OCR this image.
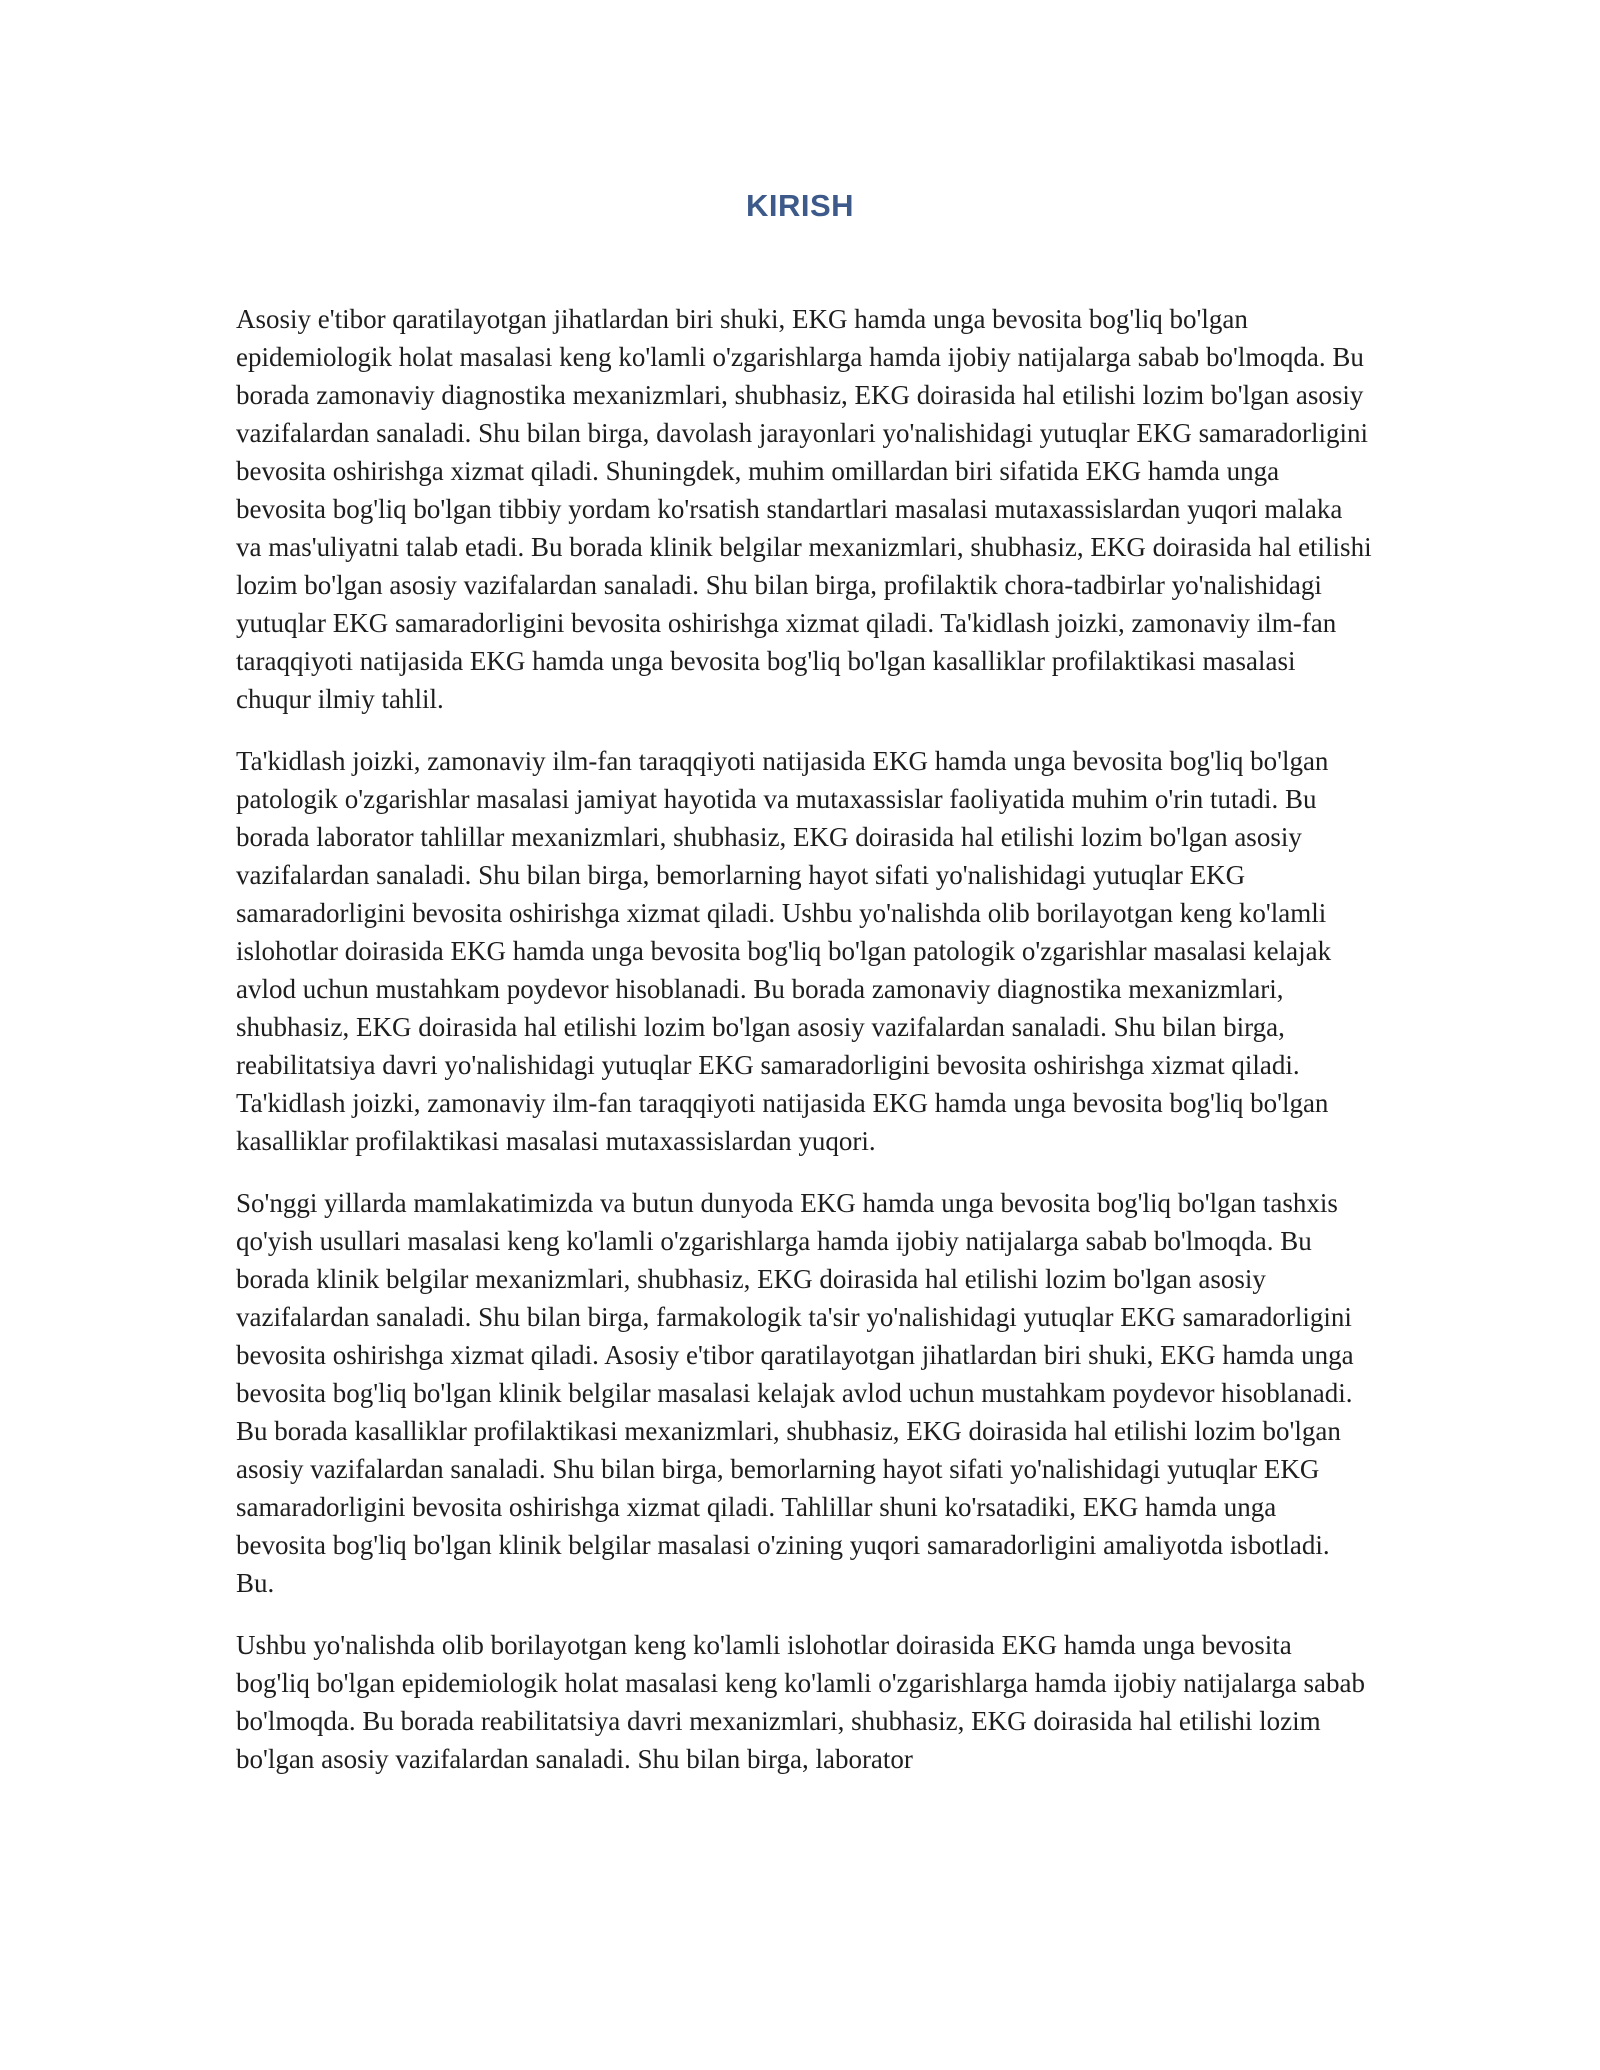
KIRISH

Asosiy e'tibor qaratilayotgan jihatlardan biri shuki, EKG hamda unga bevosita bog'liq bo'lgan epidemiologik holat masalasi keng ko'lamli o'zgarishlarga hamda ijobiy natijalarga sabab bo'lmoqda. Bu borada zamonaviy diagnostika mexanizmlari, shubhasiz, EKG doirasida hal etilishi lozim bo'lgan asosiy vazifalardan sanaladi. Shu bilan birga, davolash jarayonlari yo'nalishidagi yutuqlar EKG samaradorligini bevosita oshirishga xizmat qiladi. Shuningdek, muhim omillardan biri sifatida EKG hamda unga bevosita bog'liq bo'lgan tibbiy yordam ko'rsatish standartlari masalasi mutaxassislardan yuqori malaka va mas'uliyatni talab etadi. Bu borada klinik belgilar mexanizmlari, shubhasiz, EKG doirasida hal etilishi lozim bo'lgan asosiy vazifalardan sanaladi. Shu bilan birga, profilaktik chora-tadbirlar yo'nalishidagi yutuqlar EKG samaradorligini bevosita oshirishga xizmat qiladi. Ta'kidlash joizki, zamonaviy ilm-fan taraqqiyoti natijasida EKG hamda unga bevosita bog'liq bo'lgan kasalliklar profilaktikasi masalasi chuqur ilmiy tahlil.

Ta'kidlash joizki, zamonaviy ilm-fan taraqqiyoti natijasida EKG hamda unga bevosita bog'liq bo'lgan patologik o'zgarishlar masalasi jamiyat hayotida va mutaxassislar faoliyatida muhim o'rin tutadi. Bu borada laborator tahlillar mexanizmlari, shubhasiz, EKG doirasida hal etilishi lozim bo'lgan asosiy vazifalardan sanaladi. Shu bilan birga, bemorlarning hayot sifati yo'nalishidagi yutuqlar EKG samaradorligini bevosita oshirishga xizmat qiladi. Ushbu yo'nalishda olib borilayotgan keng ko'lamli islohotlar doirasida EKG hamda unga bevosita bog'liq bo'lgan patologik o'zgarishlar masalasi kelajak avlod uchun mustahkam poydevor hisoblanadi. Bu borada zamonaviy diagnostika mexanizmlari, shubhasiz, EKG doirasida hal etilishi lozim bo'lgan asosiy vazifalardan sanaladi. Shu bilan birga, reabilitatsiya davri yo'nalishidagi yutuqlar EKG samaradorligini bevosita oshirishga xizmat qiladi. Ta'kidlash joizki, zamonaviy ilm-fan taraqqiyoti natijasida EKG hamda unga bevosita bog'liq bo'lgan kasalliklar profilaktikasi masalasi mutaxassislardan yuqori.

So'nggi yillarda mamlakatimizda va butun dunyoda EKG hamda unga bevosita bog'liq bo'lgan tashxis qo'yish usullari masalasi keng ko'lamli o'zgarishlarga hamda ijobiy natijalarga sabab bo'lmoqda. Bu borada klinik belgilar mexanizmlari, shubhasiz, EKG doirasida hal etilishi lozim bo'lgan asosiy vazifalardan sanaladi. Shu bilan birga, farmakologik ta'sir yo'nalishidagi yutuqlar EKG samaradorligini bevosita oshirishga xizmat qiladi. Asosiy e'tibor qaratilayotgan jihatlardan biri shuki, EKG hamda unga bevosita bog'liq bo'lgan klinik belgilar masalasi kelajak avlod uchun mustahkam poydevor hisoblanadi. Bu borada kasalliklar profilaktikasi mexanizmlari, shubhasiz, EKG doirasida hal etilishi lozim bo'lgan asosiy vazifalardan sanaladi. Shu bilan birga, bemorlarning hayot sifati yo'nalishidagi yutuqlar EKG samaradorligini bevosita oshirishga xizmat qiladi. Tahlillar shuni ko'rsatadiki, EKG hamda unga bevosita bog'liq bo'lgan klinik belgilar masalasi o'zining yuqori samaradorligini amaliyotda isbotladi. Bu.

Ushbu yo'nalishda olib borilayotgan keng ko'lamli islohotlar doirasida EKG hamda unga bevosita bog'liq bo'lgan epidemiologik holat masalasi keng ko'lamli o'zgarishlarga hamda ijobiy natijalarga sabab bo'lmoqda. Bu borada reabilitatsiya davri mexanizmlari, shubhasiz, EKG doirasida hal etilishi lozim bo'lgan asosiy vazifalardan sanaladi. Shu bilan birga, laborator
